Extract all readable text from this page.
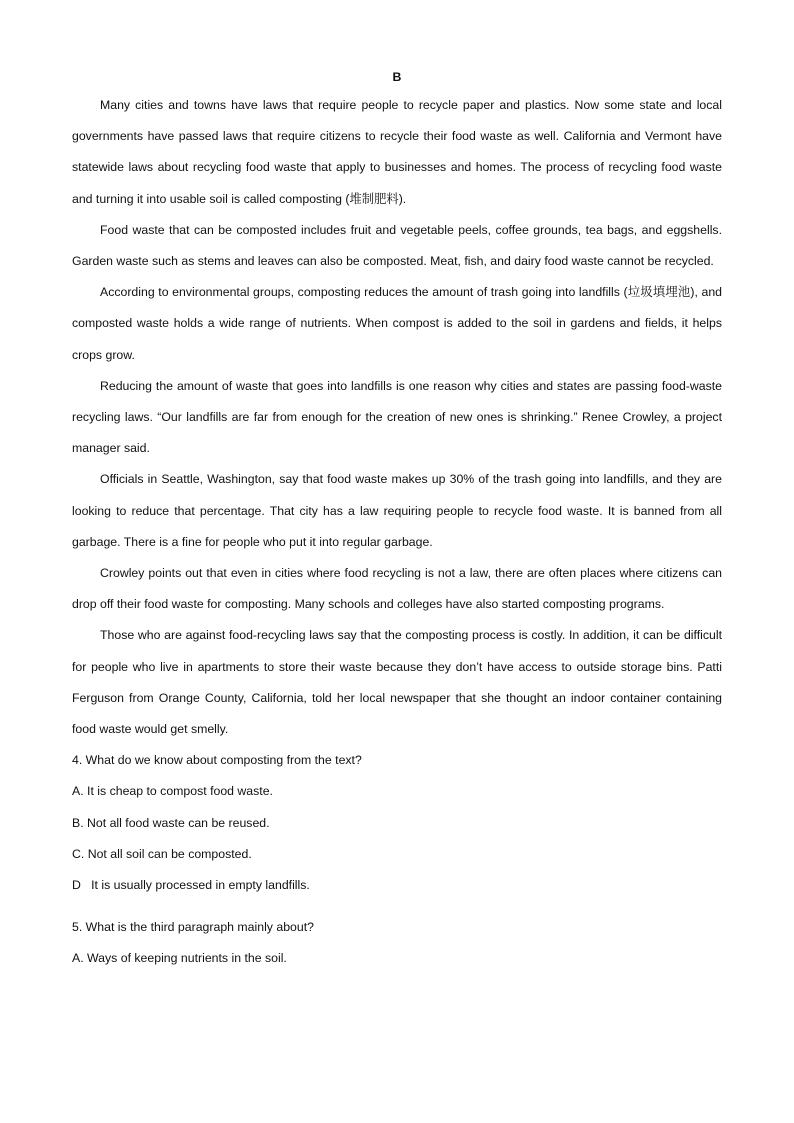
B

Many cities and towns have laws that require people to recycle paper and plastics. Now some state and local governments have passed laws that require citizens to recycle their food waste as well. California and Vermont have statewide laws about recycling food waste that apply to businesses and homes. The process of recycling food waste and turning it into usable soil is called composting (堆制肥料).

Food waste that can be composted includes fruit and vegetable peels, coffee grounds, tea bags, and eggshells. Garden waste such as stems and leaves can also be composted. Meat, fish, and dairy food waste cannot be recycled.

According to environmental groups, composting reduces the amount of trash going into landfills (垃圾填埋池), and composted waste holds a wide range of nutrients. When compost is added to the soil in gardens and fields, it helps crops grow.

Reducing the amount of waste that goes into landfills is one reason why cities and states are passing food-waste recycling laws. “Our landfills are far from enough for the creation of new ones is shrinking.” Renee Crowley, a project manager said.

Officials in Seattle, Washington, say that food waste makes up 30% of the trash going into landfills, and they are looking to reduce that percentage. That city has a law requiring people to recycle food waste. It is banned from all garbage. There is a fine for people who put it into regular garbage.

Crowley points out that even in cities where food recycling is not a law, there are often places where citizens can drop off their food waste for composting. Many schools and colleges have also started composting programs.

Those who are against food-recycling laws say that the composting process is costly. In addition, it can be difficult for people who live in apartments to store their waste because they don’t have access to outside storage bins. Patti Ferguson from Orange County, California, told her local newspaper that she thought an indoor container containing food waste would get smelly.

4. What do we know about composting from the text?

A. It is cheap to compost food waste.

B. Not all food waste can be reused.

C. Not all soil can be composted.

D   It is usually processed in empty landfills.

5. What is the third paragraph mainly about?

A. Ways of keeping nutrients in the soil.
